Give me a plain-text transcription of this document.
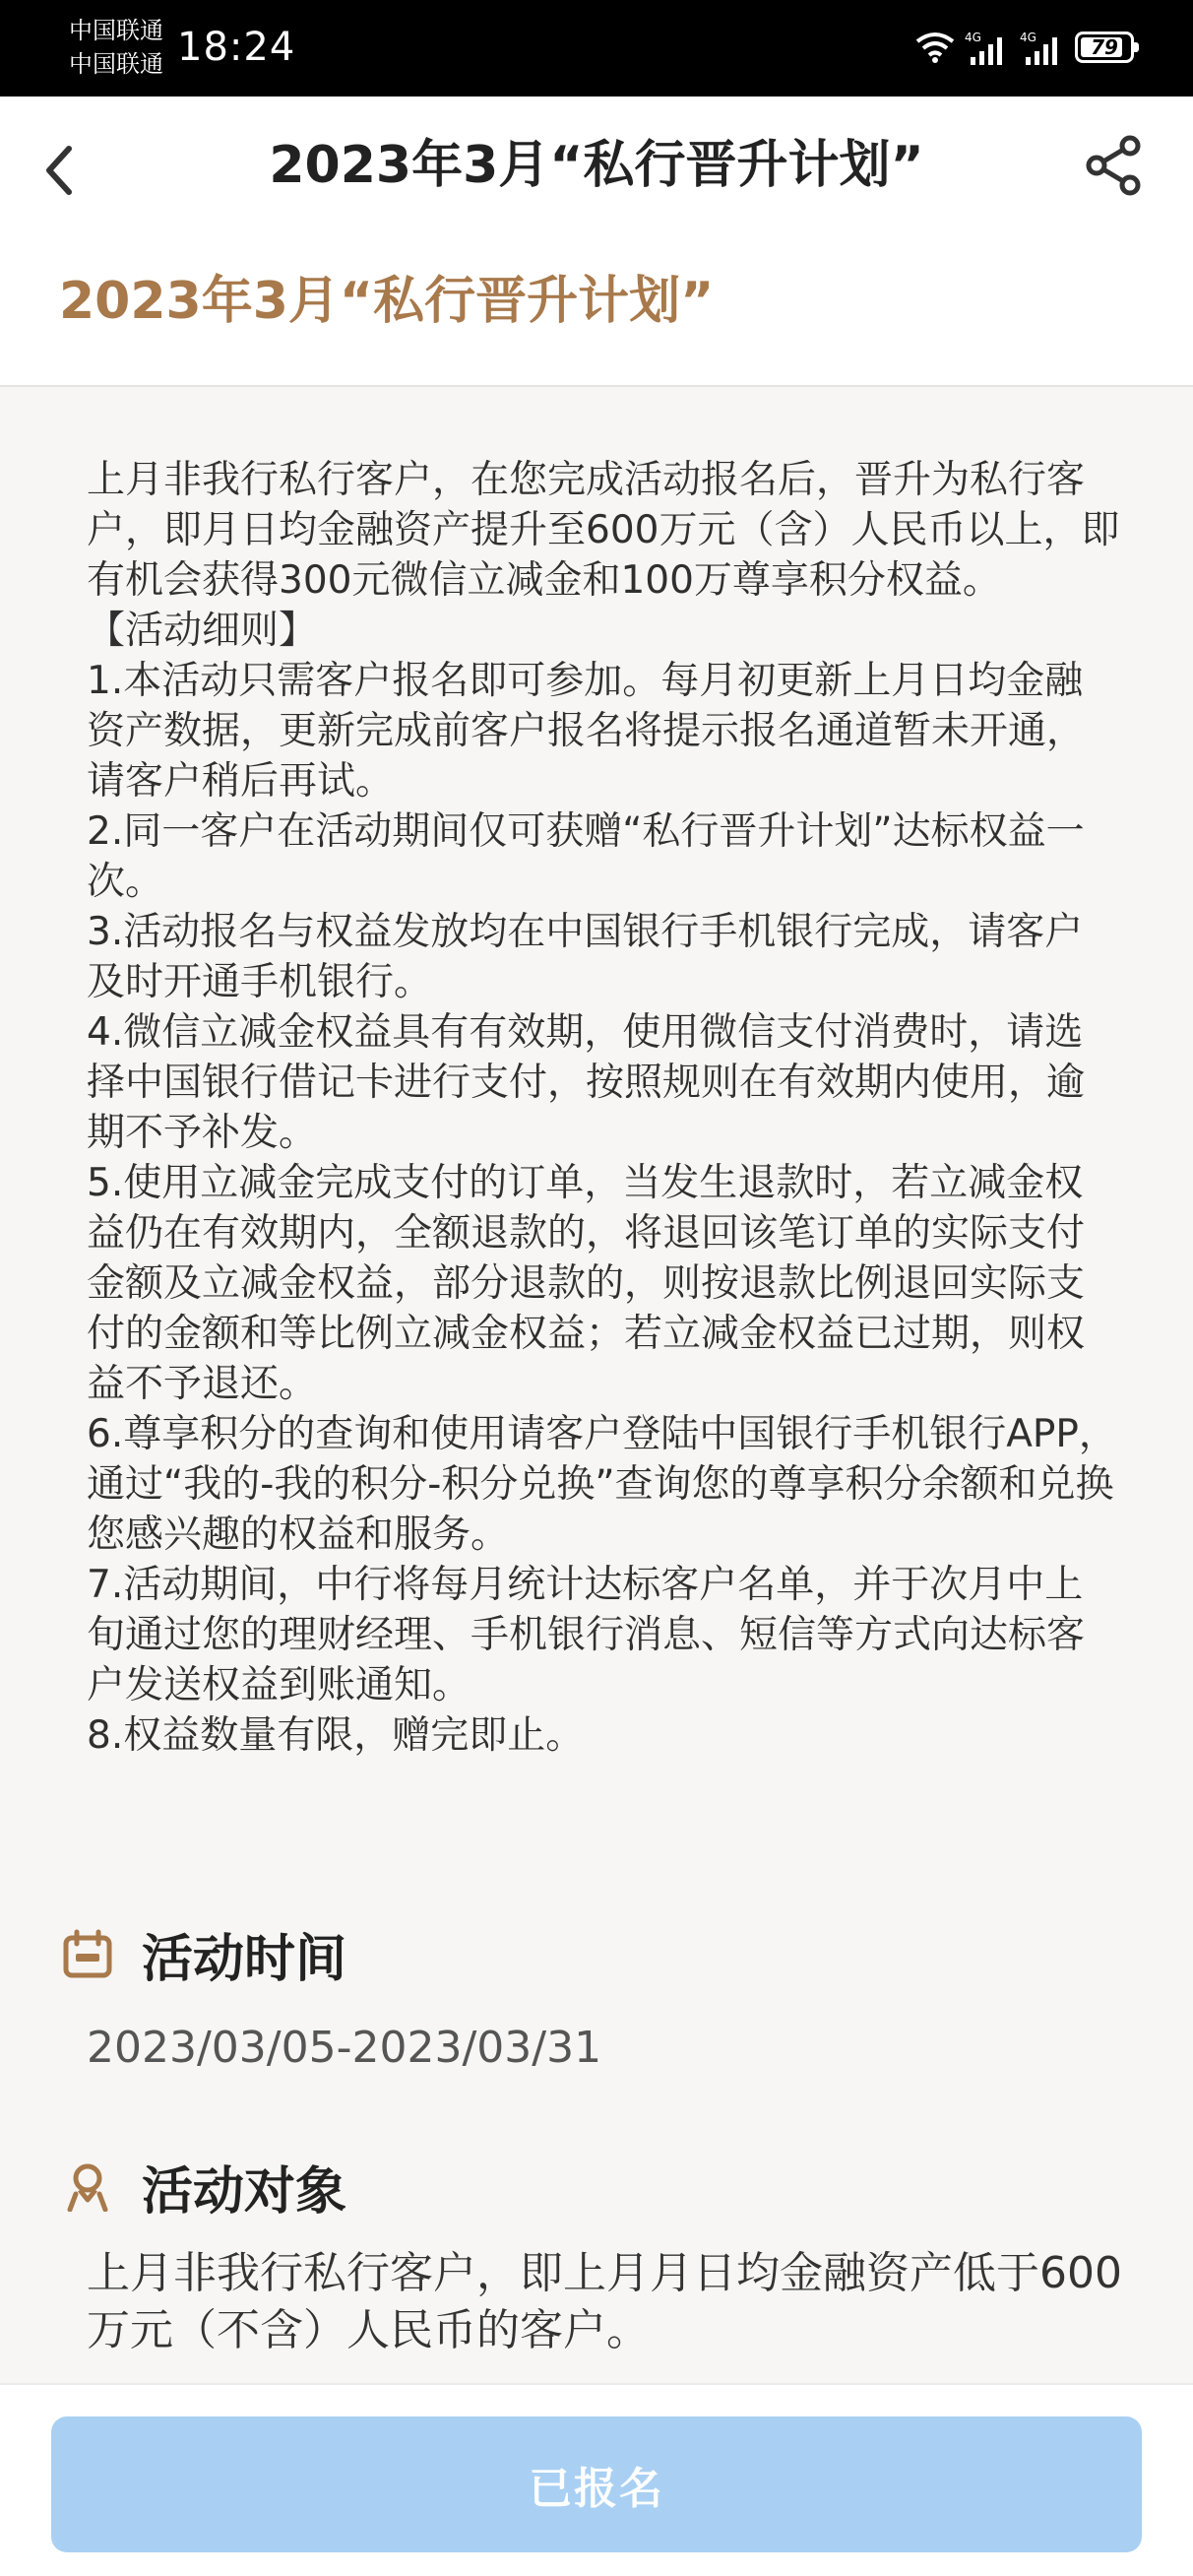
中国联通
中国联通 18:24	4G	4G	79
2023年3月“私行晋升计划”
2023年3月“私行晋升计划”

上月非我行私行客户，在您完成活动报名后，晋升为私行客户，即月日均金融资产提升至600万元（含）人民币以上，即有机会获得300元微信立减金和100万尊享积分权益。

【活动细则】

1.本活动只需客户报名即可参加。每月初更新上月日均金融资产数据，更新完成前客户报名将提示报名通道暂未开通，请客户稍后再试。

2.同一客户在活动期间仅可获赠“私行晋升计划”达标权益一次。

3.活动报名与权益发放均在中国银行手机银行完成，请客户及时开通手机银行。

4.微信立减金权益具有有效期，使用微信支付消费时，请选择中国银行借记卡进行支付，按照规则在有效期内使用，逾期不予补发。

5.使用立减金完成支付的订单，当发生退款时，若立减金权益仍在有效期内，全额退款的，将退回该笔订单的实际支付金额及立减金权益，部分退款的，则按退款比例退回实际支付的金额和等比例立减金权益；若立减金权益已过期，则权益不予退还。

6.尊享积分的查询和使用请客户登陆中国银行手机银行APP，通过“我的-我的积分-积分兑换”查询您的尊享积分余额和兑换您感兴趣的权益和服务。

7.活动期间，中行将每月统计达标客户名单，并于次月中上旬通过您的理财经理、手机银行消息、短信等方式向达标客户发送权益到账通知。

8.权益数量有限，赠完即止。

活动时间
2023/03/05-2023/03/31
活动对象
上月非我行私行客户，即上月月日均金融资产低于600万元（不含）人民币的客户。
已报名
